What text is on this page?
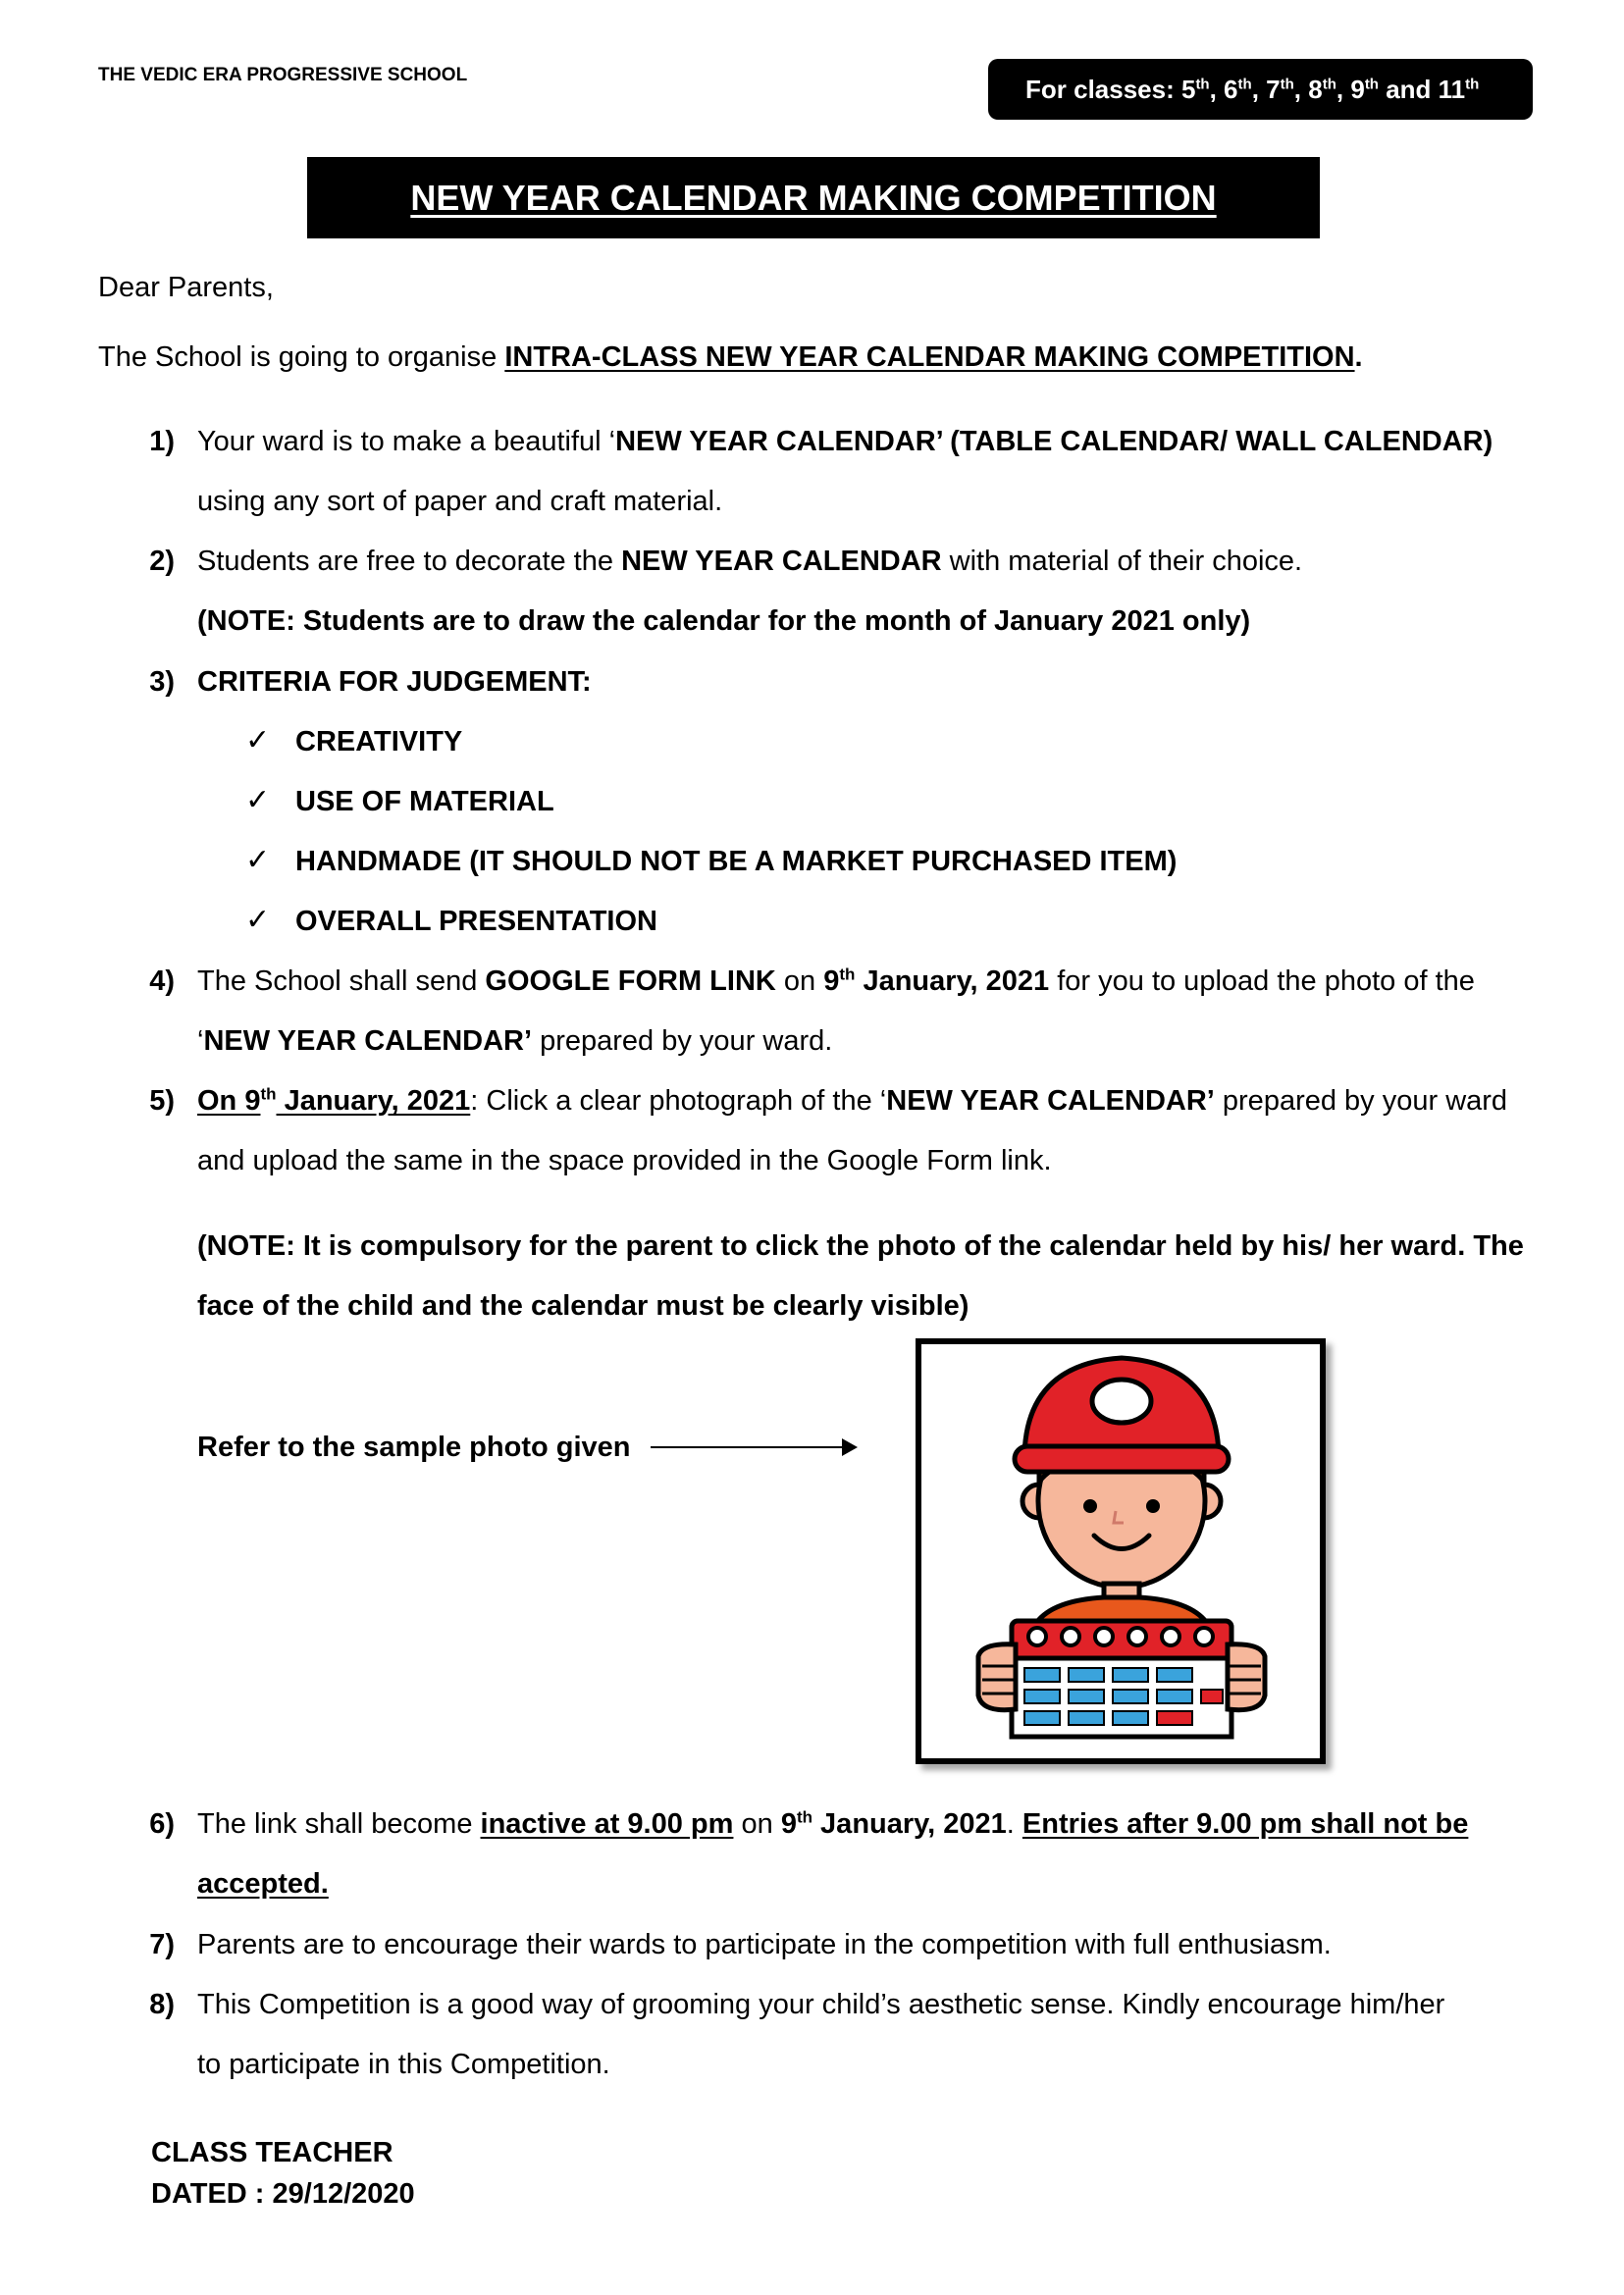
THE VEDIC ERA PROGRESSIVE SCHOOL	For classes: 5th, 6th, 7th, 8th, 9th and 11th
NEW YEAR CALENDAR MAKING COMPETITION
Dear Parents,
The School is going to organise INTRA-CLASS NEW YEAR CALENDAR MAKING COMPETITION.
1) Your ward is to make a beautiful ‘NEW YEAR CALENDAR’ (TABLE CALENDAR/ WALL CALENDAR)
using any sort of paper and craft material.
2) Students are free to decorate the NEW YEAR CALENDAR with material of their choice.
(NOTE: Students are to draw the calendar for the month of January 2021 only)
3) CRITERIA FOR JUDGEMENT:
✓ CREATIVITY
✓ USE OF MATERIAL
✓ HANDMADE (IT SHOULD NOT BE A MARKET PURCHASED ITEM)
✓ OVERALL PRESENTATION
4) The School shall send GOOGLE FORM LINK on 9th January, 2021 for you to upload the photo of the
‘NEW YEAR CALENDAR’ prepared by your ward.
5) On 9th January, 2021: Click a clear photograph of the ‘NEW YEAR CALENDAR’ prepared by your ward
and upload the same in the space provided in the Google Form link.
(NOTE: It is compulsory for the parent to click the photo of the calendar held by his/ her ward. The
face of the child and the calendar must be clearly visible)
Refer to the sample photo given
6) The link shall become inactive at 9.00 pm on 9th January, 2021. Entries after 9.00 pm shall not be
accepted.
7) Parents are to encourage their wards to participate in the competition with full enthusiasm.
8) This Competition is a good way of grooming your child’s aesthetic sense. Kindly encourage him/her
to participate in this Competition.
CLASS TEACHER
DATED : 29/12/2020
